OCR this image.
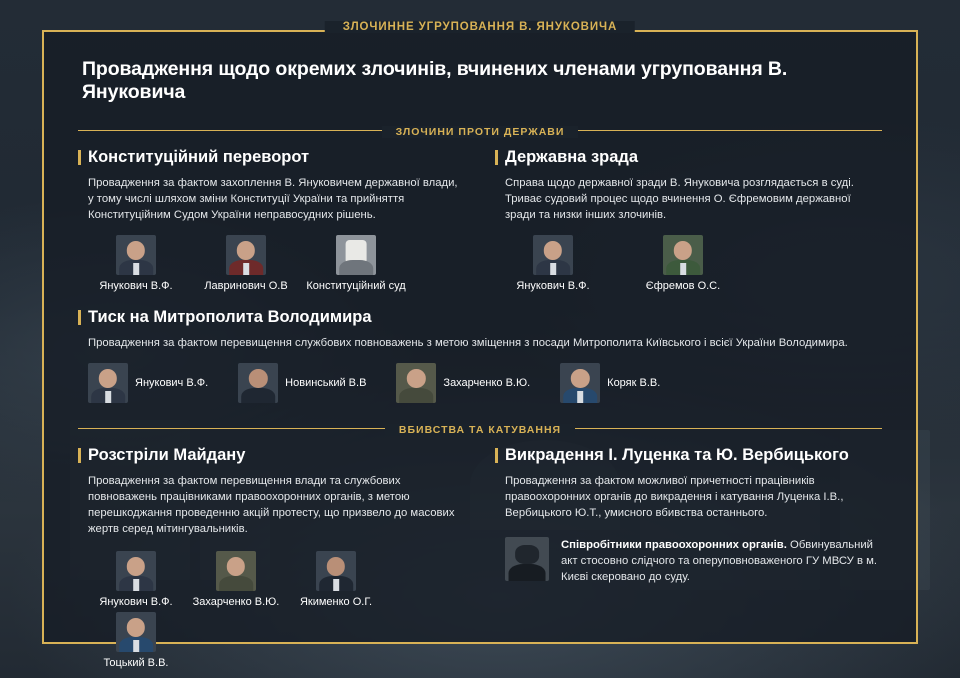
ЗЛОЧИННЕ УГРУПОВАННЯ В. ЯНУКОВИЧА
Провадження щодо окремих злочинів, вчинених членами угруповання В. Януковича
ЗЛОЧИНИ ПРОТИ ДЕРЖАВИ
Конституційний переворот

Провадження за фактом захоплення В. Януковичем державної влади, у тому числі шляхом зміни Конституції України та прийняття Конституційним Судом України неправосудних рішень.

Янукович В.Ф.	Лавринович О.В Конституційний суд
Державна зрада

Справа щодо державної зради В. Януковича розглядається в суді. Триває судовий процес щодо вчинення О. Єфремовим державної зради та низки інших злочинів.

Янукович В.Ф.	Єфремов О.С.
Тиск на Митрополита Володимира

Провадження за фактом перевищення службових повноважень з метою зміщення з посади Митрополита Київського і всієї України Володимира.

Янукович В.Ф.	Новинський В.В	Захарченко В.Ю.	Коряк В.В.
ВБИВСТВА ТА КАТУВАННЯ
Розстріли Майдану

Провадження за фактом перевищення влади та службових повноважень працівниками правоохоронних органів, з метою перешкоджання проведенню акцій протесту, що призвело до масових жертв серед мітингувальників.

Янукович В.Ф. Захарченко В.Ю. Якименко О.Г.
Тоцький В.В.
Викрадення І. Луценка та Ю. Вербицького

Провадження за фактом можливої причетності працівників правоохоронних органів до викрадення і катування Луценка І.В., Вербицького Ю.Т., умисного вбивства останнього.

Співробітники правоохоронних органів. Обвинувальний акт стосовно слідчого та оперуповноваженого ГУ МВСУ в м. Києві скеровано до суду.
